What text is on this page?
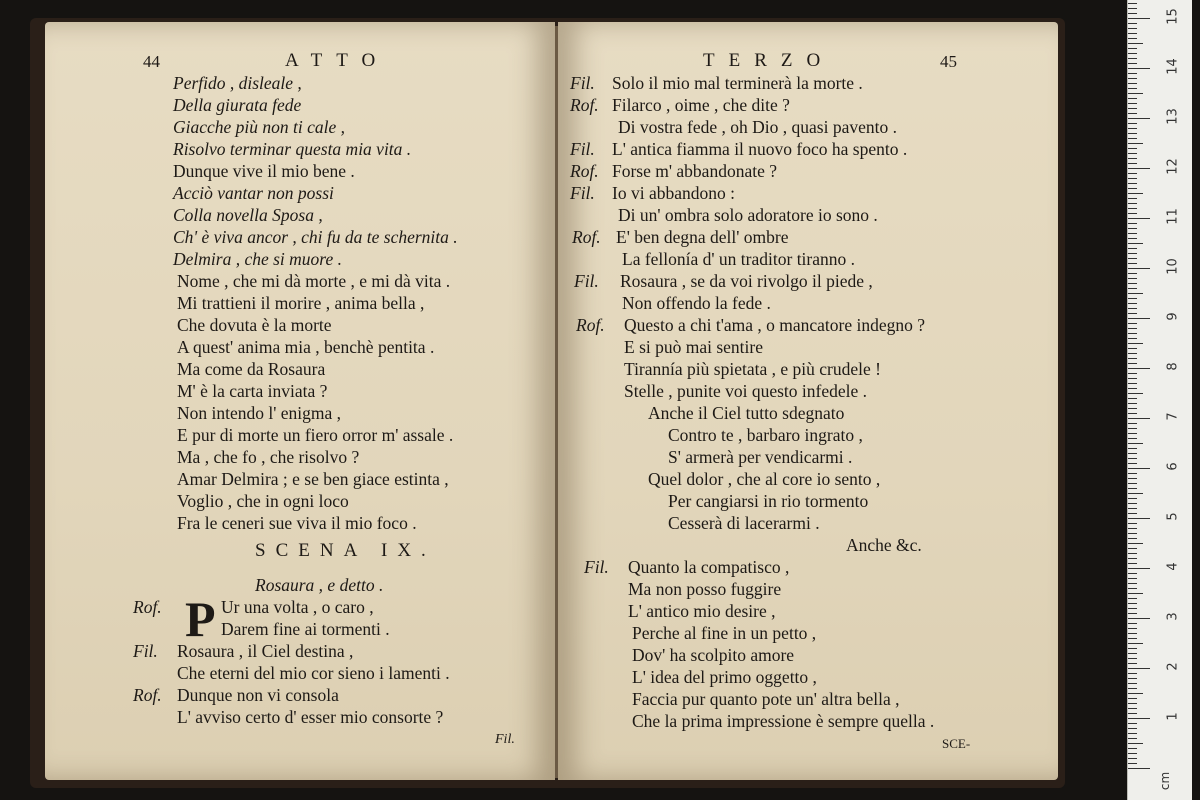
44	ATTO
Perfido , disleale ,
Della giurata fede
Giacche più non ti cale ,
Risolvo terminar questa mia vita .
Dunque vive il mio bene .
Acciò vantar non possi
Colla novella Sposa ,
Ch' è viva ancor , chi fu da te schernita .
Delmira , che si muore .
Nome , che mi dà morte , e mi dà vita .
Mi trattieni il morire , anima bella ,
Che dovuta è la morte
A quest' anima mia , benchè pentita .
Ma come da Rosaura
M' è la carta inviata ?
Non intendo l' enigma ,
E pur di morte un fiero orror m' assale .
Ma , che fo , che risolvo ?
Amar Delmira ; e se ben giace estinta ,
Voglio , che in ogni loco
Fra le ceneri sue viva il mio foco .
SCENA IX.
Rosaura , e detto .
P
Rof.	Ur una volta , o caro ,
Darem fine ai tormenti .
Fil. Rosaura , il Ciel destina ,
Che eterni del mio cor sieno i lamenti .
Rof. Dunque non vi consola
L' avviso certo d' esser mio consorte ?
Fil.
TERZO	45
Fil. Solo il mio mal terminerà la morte .
Rof. Filarco , oime , che dite ?
Di vostra fede , oh Dio , quasi pavento .
Fil. L' antica fiamma il nuovo foco ha spento .
Rof. Forse m' abbandonate ?
Fil. Io vi abbandono :
Di un' ombra solo adoratore io sono .
Rof. E' ben degna dell' ombre
La fellonía d' un traditor tiranno .
Fil. Rosaura , se da voi rivolgo il piede ,
Non offendo la fede .
Rof. Questo a chi t'ama , o mancatore indegno ?
E si può mai sentire
Tirannía più spietata , e più crudele !
Stelle , punite voi questo infedele .
Anche il Ciel tutto sdegnato
Contro te , barbaro ingrato ,
S' armerà per vendicarmi .
Quel dolor , che al core io sento ,
Per cangiarsi in rio tormento
Cesserà di lacerarmi .
Anche &c.
Fil. Quanto la compatisco ,
Ma non posso fuggire
L' antico mio desire ,
Perche al fine in un petto ,
Dov' ha scolpito amore
L' idea del primo oggetto ,
Faccia pur quanto pote un' altra bella ,
Che la prima impressione è sempre quella .
SCE-
1
2
3
4
5
6
7
8
9
10
11
12
13
14
15
cm
